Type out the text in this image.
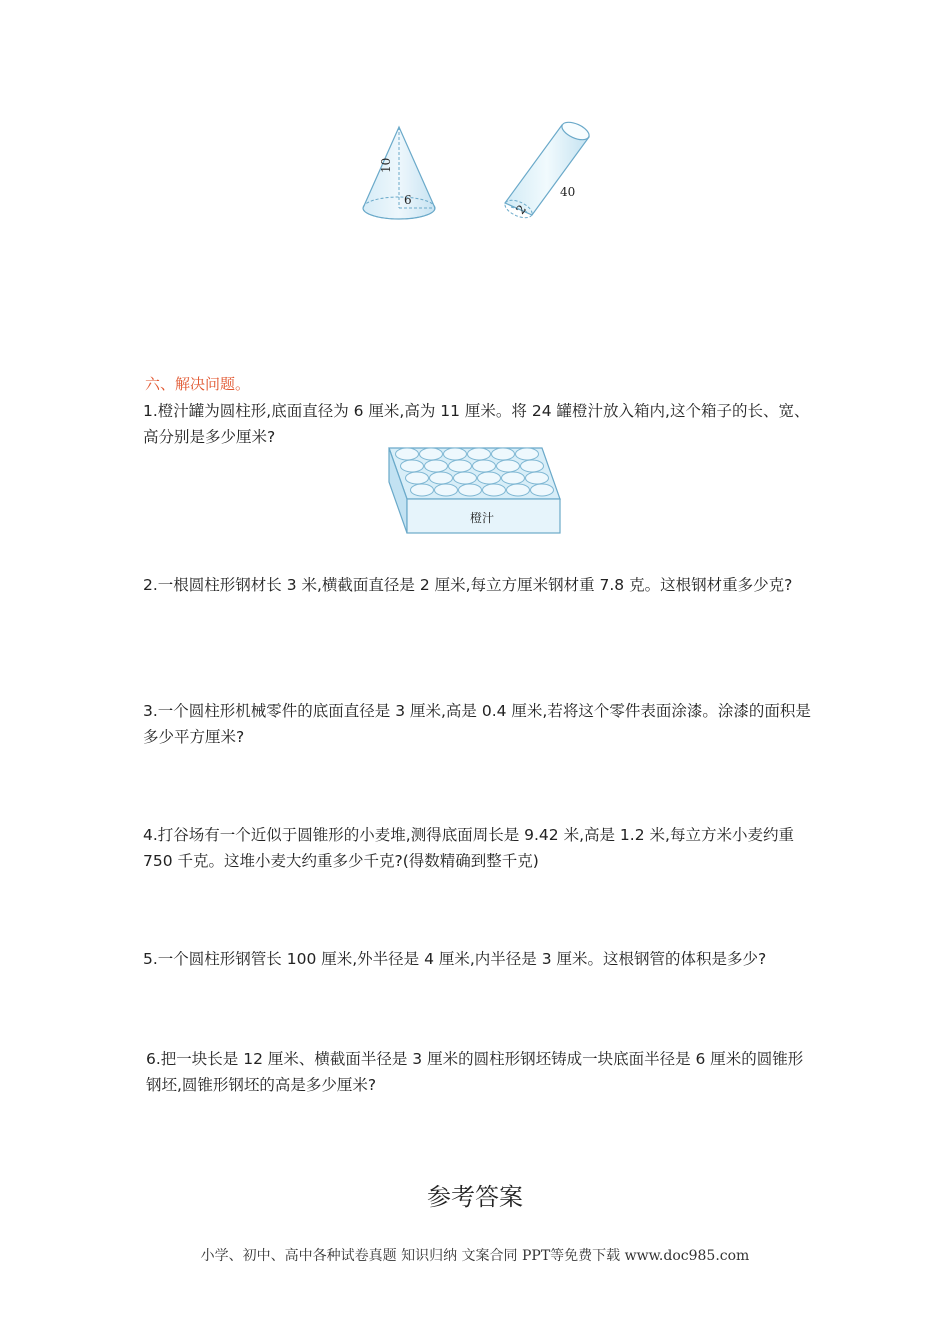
10
6
2
40
六、解决问题。
1.橙汁罐为圆柱形,底面直径为 6 厘米,高为 11 厘米。将 24 罐橙汁放入箱内,这个箱子的长、宽、高分别是多少厘米?
橙汁
2.一根圆柱形钢材长 3 米,横截面直径是 2 厘米,每立方厘米钢材重 7.8 克。这根钢材重多少克?
3.一个圆柱形机械零件的底面直径是 3 厘米,高是 0.4 厘米,若将这个零件表面涂漆。涂漆的面积是多少平方厘米?
4.打谷场有一个近似于圆锥形的小麦堆,测得底面周长是 9.42 米,高是 1.2 米,每立方米小麦约重 750 千克。这堆小麦大约重多少千克?(得数精确到整千克)
5.一个圆柱形钢管长 100 厘米,外半径是 4 厘米,内半径是 3 厘米。这根钢管的体积是多少?
6.把一块长是 12 厘米、横截面半径是 3 厘米的圆柱形钢坯铸成一块底面半径是 6 厘米的圆锥形钢坯,圆锥形钢坯的高是多少厘米?
参考答案
小学、初中、高中各种试卷真题 知识归纳 文案合同 PPT等免费下载 www.doc985.com
